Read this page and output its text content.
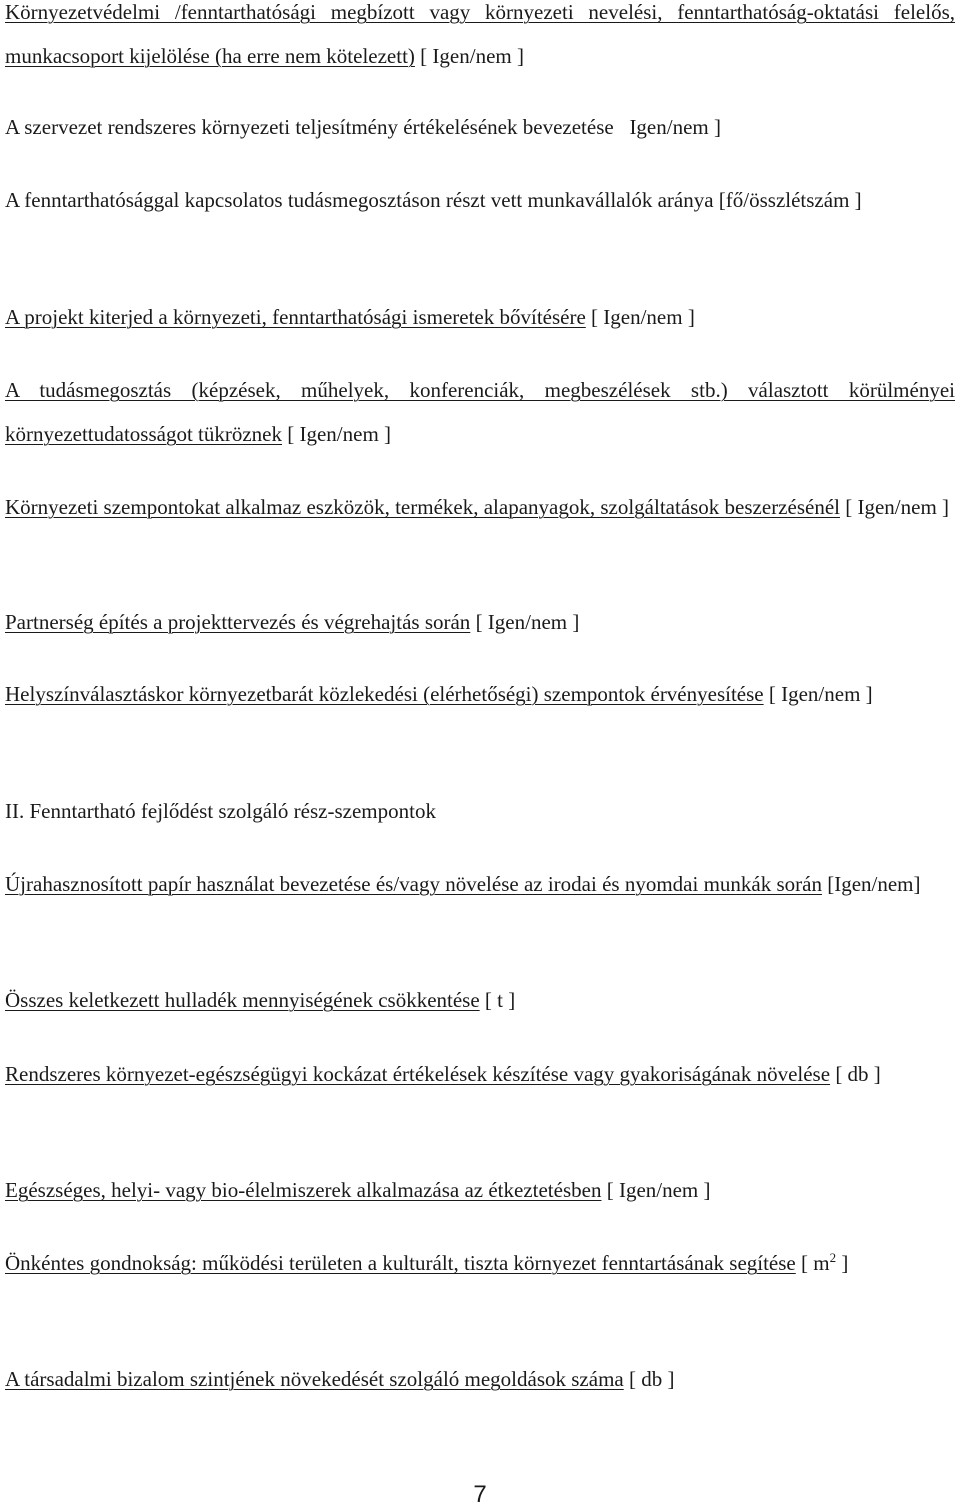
Környezetvédelmi /fenntarthatósági megbízott vagy környezeti nevelési, fenntarthatóság-oktatási felelős, munkacsoport kijelölése (ha erre nem kötelezett) [ Igen/nem ]

A szervezet rendszeres környezeti teljesítmény értékelésének bevezetése Igen/nem ]

A fenntarthatósággal kapcsolatos tudásmegosztáson részt vett munkavállalók aránya [fő/összlétszám ]

A projekt kiterjed a környezeti, fenntarthatósági ismeretek bővítésére [ Igen/nem ]

A tudásmegosztás (képzések, műhelyek, konferenciák, megbeszélések stb.) választott körülményei környezettudatosságot tükröznek [ Igen/nem ]

Környezeti szempontokat alkalmaz eszközök, termékek, alapanyagok, szolgáltatások beszerzésénél [ Igen/nem ]

Partnerség építés a projekttervezés és végrehajtás során [ Igen/nem ]

Helyszínválasztáskor környezetbarát közlekedési (elérhetőségi) szempontok érvényesítése [ Igen/nem ]

II. Fenntartható fejlődést szolgáló rész-szempontok

Újrahasznosított papír használat bevezetése és/vagy növelése az irodai és nyomdai munkák során [Igen/nem]

Összes keletkezett hulladék mennyiségének csökkentése [ t ]

Rendszeres környezet-egészségügyi kockázat értékelések készítése vagy gyakoriságának növelése [ db ]

Egészséges, helyi- vagy bio-élelmiszerek alkalmazása az étkeztetésben [ Igen/nem ]

Önkéntes gondnokság: működési területen a kulturált, tiszta környezet fenntartásának segítése [ $m^2$ ]

A társadalmi bizalom szintjének növekedését szolgáló megoldások száma [ db ]

7
